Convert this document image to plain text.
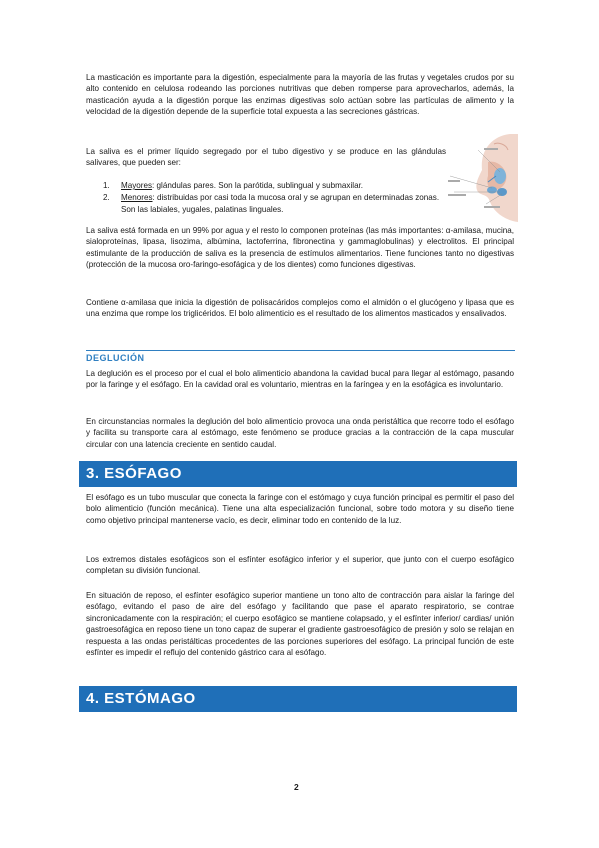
La masticación es importante para la digestión, especialmente para la mayoría de las frutas y vegetales crudos por su alto contenido en celulosa rodeando las porciones nutritivas que deben romperse para aprovecharlos, además, la masticación ayuda a la digestión porque las enzimas digestivas solo actúan sobre las partículas de alimento y la velocidad de la digestión depende de la superficie total expuesta a las secreciones gástricas.

La saliva es el primer líquido segregado por el tubo digestivo y se produce en las glándulas salivares, que pueden ser:

1. Mayores: glándulas pares. Son la parótida, sublingual y submaxilar.
2. Menores: distribuidas por casi toda la mucosa oral y se agrupan en determinadas zonas. Son las labiales, yugales, palatinas linguales.

La saliva está formada en un 99% por agua y el resto lo componen proteínas (las más importantes: α-amilasa, mucina, sialoproteínas, lipasa, lisozima, albúmina, lactoferrina, fibronectina y gammaglobulinas) y electrolitos. El principal estimulante de la producción de saliva es la presencia de estímulos alimentarios. Tiene funciones tanto no digestivas (protección de la mucosa oro-faringo-esofágica y de los dientes) como funciones digestivas.

Contiene α-amilasa que inicia la digestión de polisacáridos complejos como el almidón o el glucógeno y lipasa que es una enzima que rompe los triglicéridos. El bolo alimenticio es el resultado de los alimentos masticados y ensalivados.

DEGLUCIÓN

La deglución es el proceso por el cual el bolo alimenticio abandona la cavidad bucal para llegar al estómago, pasando por la faringe y el esófago. En la cavidad oral es voluntario, mientras en la faríngea y en la esofágica es involuntario.

En circunstancias normales la deglución del bolo alimenticio provoca una onda peristáltica que recorre todo el esófago y facilita su transporte cara al estómago, este fenómeno se produce gracias a la contracción de la capa muscular circular con una latencia creciente en sentido caudal.

3. ESÓFAGO

El esófago es un tubo muscular que conecta la faringe con el estómago y cuya función principal es permitir el paso del bolo alimenticio (función mecánica). Tiene una alta especialización funcional, sobre todo motora y su diseño tiene como objetivo principal mantenerse vacío, es decir, eliminar todo en contenido de la luz.

Los extremos distales esofágicos son el esfínter esofágico inferior y el superior, que junto con el cuerpo esofágico completan su división funcional.

En situación de reposo, el esfínter esofágico superior mantiene un tono alto de contracción para aislar la faringe del esófago, evitando el paso de aire del esófago y facilitando que pase el aparato respiratorio, se contrae sincronicadamente con la respiración; el cuerpo esofágico se mantiene colapsado, y el esfínter inferior/ cardias/ unión gastroesofágica en reposo tiene un tono capaz de superar el gradiente gastroesofágico de presión y solo se relajan en respuesta a las ondas peristálticas procedentes de las porciones superiores del esófago. La principal función de este esfínter es impedir el reflujo del contenido gástrico cara al esófago.

4. ESTÓMAGO
2
